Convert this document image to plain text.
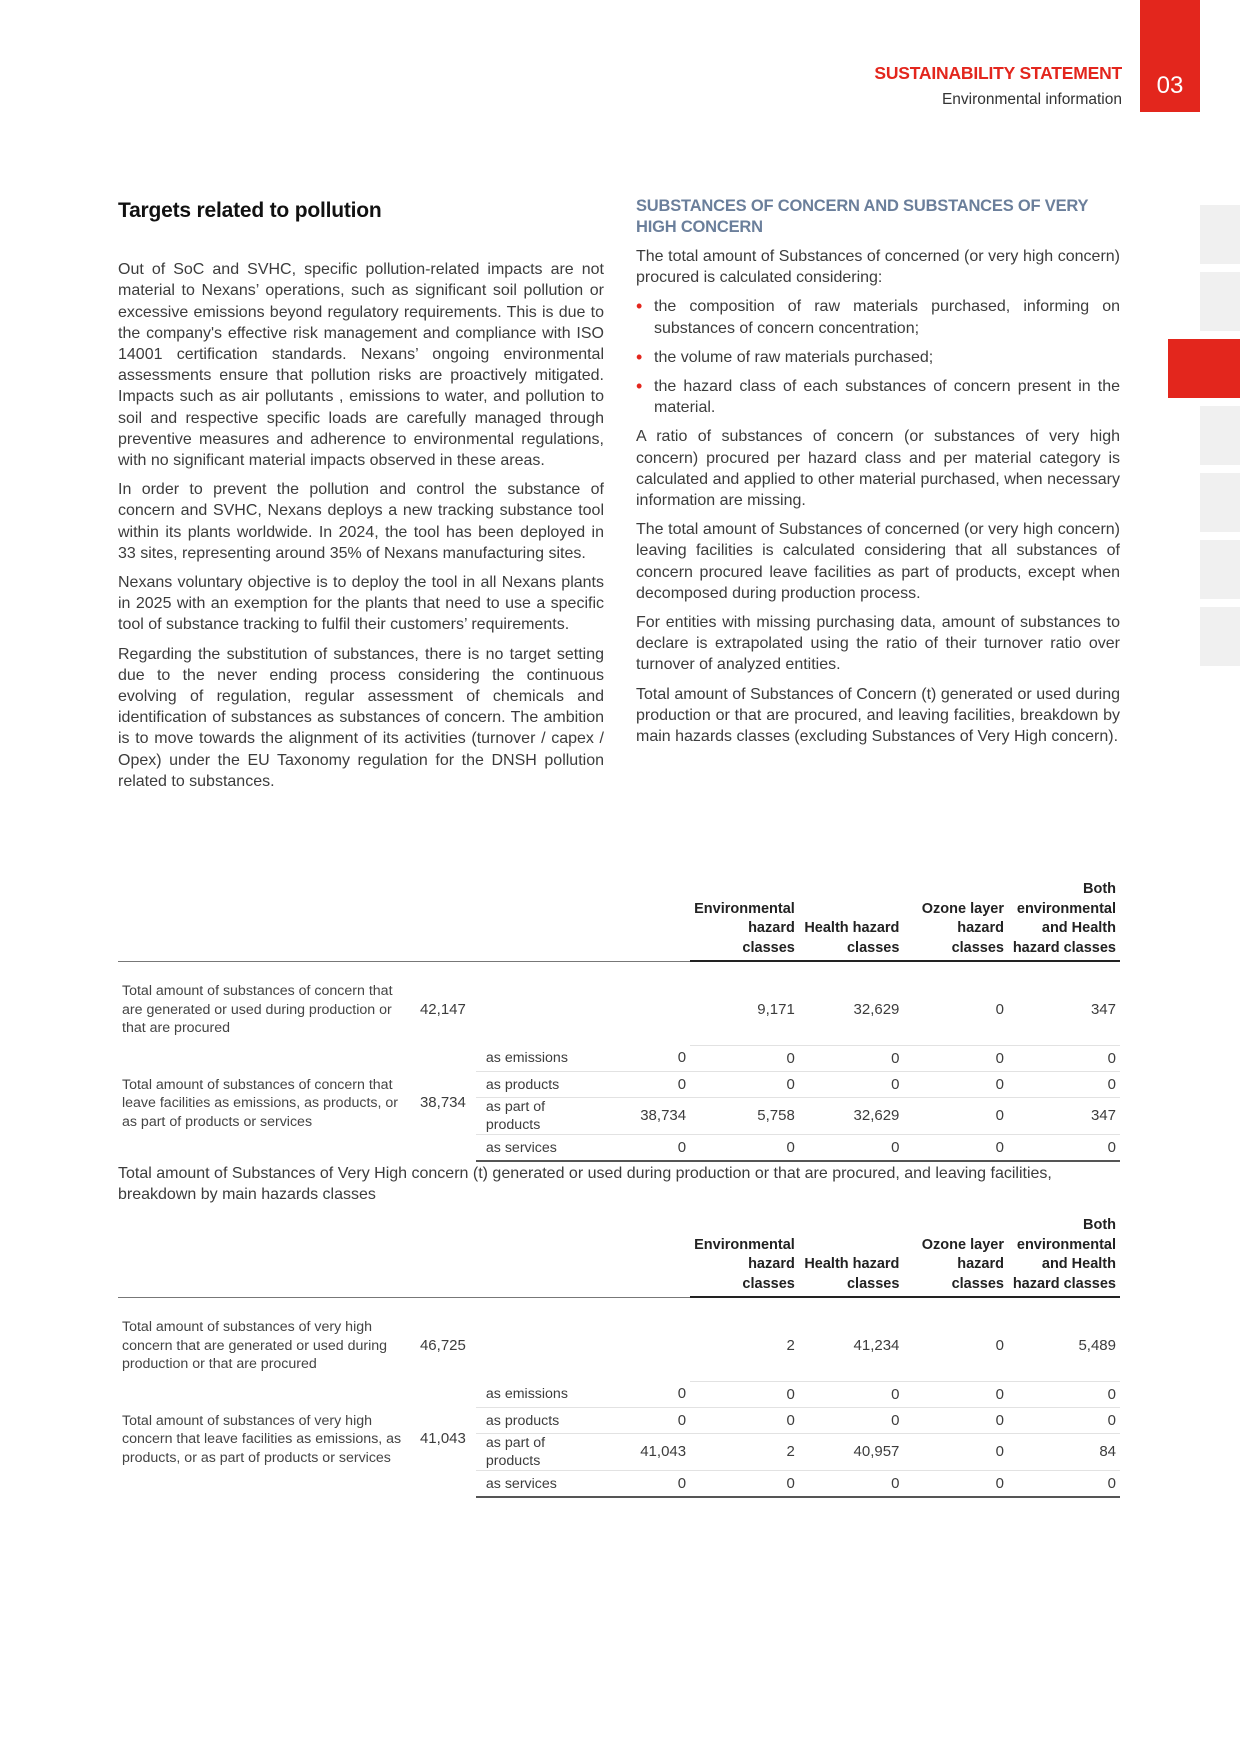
SUSTAINABILITY STATEMENT
Environmental information
03
Targets related to pollution

Out of SoC and SVHC, specific pollution-related impacts are not material to Nexans’ operations, such as significant soil pollution or excessive emissions beyond regulatory requirements. This is due to the company's effective risk management and compliance with ISO 14001 certification standards. Nexans’ ongoing environmental assessments ensure that pollution risks are proactively mitigated. Impacts such as air pollutants , emissions to water, and pollution to soil and respective specific loads are carefully managed through preventive measures and adherence to environmental regulations, with no significant material impacts observed in these areas.

In order to prevent the pollution and control the substance of concern and SVHC, Nexans deploys a new tracking substance tool within its plants worldwide. In 2024, the tool has been deployed in 33 sites, representing around 35% of Nexans manufacturing sites.

Nexans voluntary objective is to deploy the tool in all Nexans plants in 2025 with an exemption for the plants that need to use a specific tool of substance tracking to fulfil their customers’ requirements.

Regarding the substitution of substances, there is no target setting due to the never ending process considering the continuous evolving of regulation, regular assessment of chemicals and identification of substances as substances of concern. The ambition is to move towards the alignment of its activities (turnover / capex / Opex) under the EU Taxonomy regulation for the DNSH pollution related to substances.

SUBSTANCES OF CONCERN AND SUBSTANCES OF VERY HIGH CONCERN

The total amount of Substances of concerned (or very high concern) procured is calculated considering:

• the composition of raw materials purchased, informing on substances of concern concentration;
• the volume of raw materials purchased;
• the hazard class of each substances of concern present in the material.

A ratio of substances of concern (or substances of very high concern) procured per hazard class and per material category is calculated and applied to other material purchased, when necessary information are missing.

The total amount of Substances of concerned (or very high concern) leaving facilities is calculated considering that all substances of concern procured leave facilities as part of products, except when decomposed during production process.

For entities with missing purchasing data, amount of substances to declare is extrapolated using the ratio of their turnover ratio over turnover of analyzed entities.

Total amount of Substances of Concern (t) generated or used during production or that are procured, and leaving facilities, breakdown by main hazards classes (excluding Substances of Very High concern).

				Environmental hazard classes	Health hazard classes	Ozone layer hazard classes	Both
environmental
and Health
hazard classes

Total amount of substances of concern that are generated or used during production or that are procured	42,147			9,171	32,629	0	347
Total amount of substances of concern that leave facilities as emissions, as products, or as part of products or services	38,734	as emissions	0	0	0	0	0
		as products	0	0	0	0	0
		as part of products	38,734	5,758	32,629	0	347
		as services	0	0	0	0	0
Total amount of Substances of Very High concern (t) generated or used during production or that are procured, and leaving facilities, breakdown by main hazards classes
				Environmental hazard classes	Health hazard classes	Ozone layer hazard classes	Both
environmental
and Health
hazard classes

Total amount of substances of very high concern that are generated or used during production or that are procured	46,725			2	41,234	0	5,489
Total amount of substances of very high concern that leave facilities as emissions, as products, or as part of products or services	41,043	as emissions	0	0	0	0	0
		as products	0	0	0	0	0
		as part of products	41,043	2	40,957	0	84
		as services	0	0	0	0	0
